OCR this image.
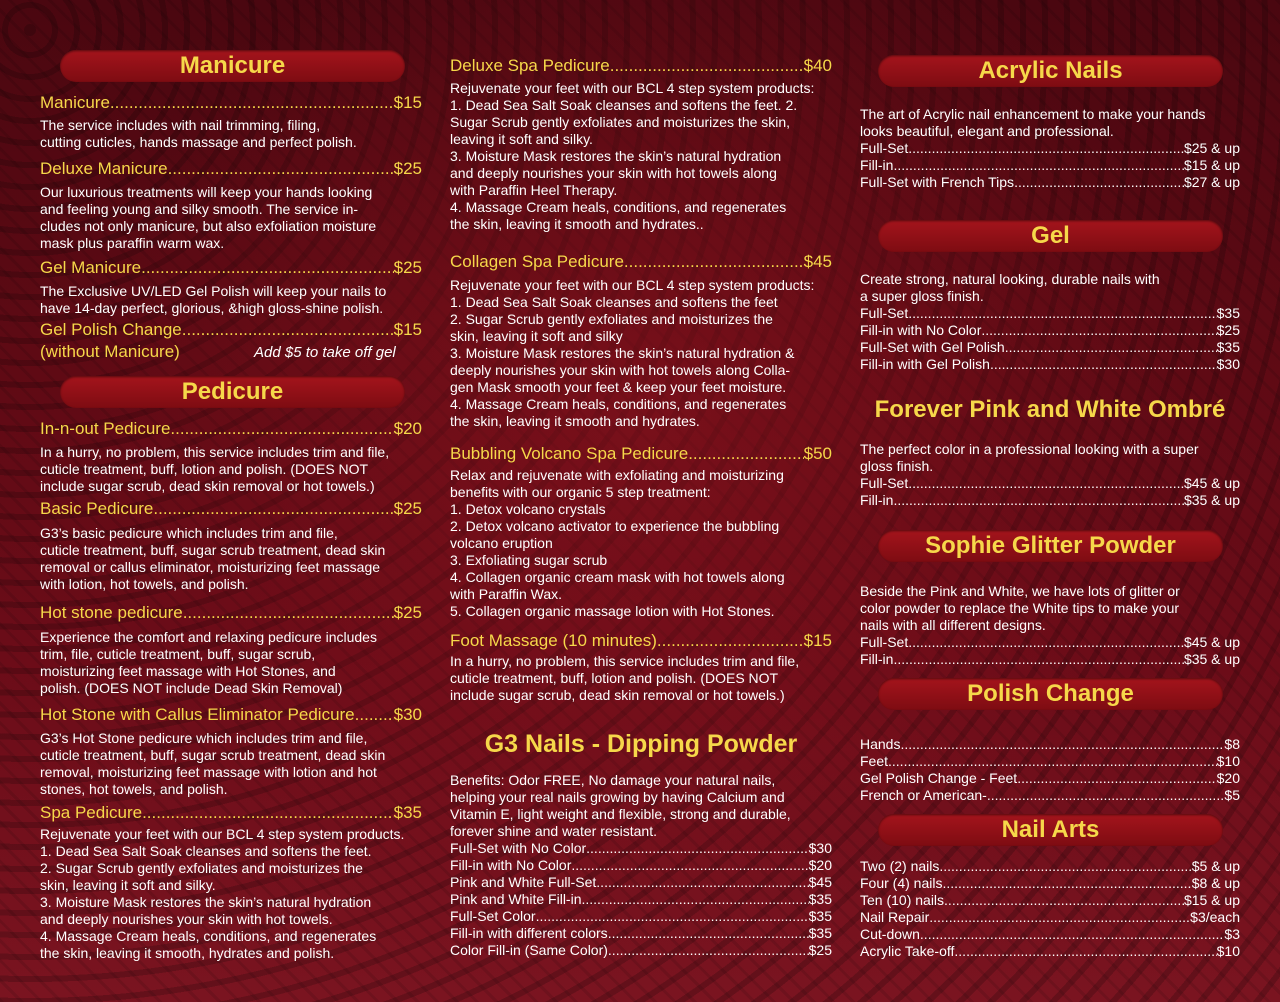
Manicure
Manicure .....	$15

The service includes with nail trimming, filing,

cutting cuticles, hands massage and perfect polish.

Deluxe Manicure .....	$25

Our luxurious treatments will keep your hands looking

and feeling young and silky smooth. The service in-

cludes not only manicure, but also exfoliation moisture

mask plus paraffin warm wax.

Gel Manicure .....	$25

The Exclusive UV/LED Gel Polish will keep your nails to

have 14-day perfect, glorious, &high gloss-shine polish.

Gel Polish Change .....	$15
(without Manicure)	Add $5 to take off gel
Pedicure
In-n-out Pedicure .....	$20

In a hurry, no problem, this service includes trim and file,

cuticle treatment, buff, lotion and polish. (DOES NOT

include sugar scrub, dead skin removal or hot towels.)

Basic Pedicure .....	$25

G3’s basic pedicure which includes trim and file,

cuticle treatment, buff, sugar scrub treatment, dead skin

removal or callus eliminator, moisturizing feet massage

with lotion, hot towels, and polish.

Hot stone pedicure .....	$25

Experience the comfort and relaxing pedicure includes

trim, file, cuticle treatment, buff, sugar scrub,

moisturizing feet massage with Hot Stones, and

polish. (DOES NOT include Dead Skin Removal)

Hot Stone with Callus Eliminator Pedicure... ..... $30

G3’s Hot Stone pedicure which includes trim and file,

cuticle treatment, buff, sugar scrub treatment, dead skin

removal, moisturizing feet massage with lotion and hot

stones, hot towels, and polish.

Spa Pedicure .....	$35

Rejuvenate your feet with our BCL 4 step system products.

1. Dead Sea Salt Soak cleanses and softens the feet.

2. Sugar Scrub gently exfoliates and moisturizes the

skin, leaving it soft and silky.

3. Moisture Mask restores the skin’s natural hydration

and deeply nourishes your skin with hot towels.

4. Massage Cream heals, conditions, and regenerates

the skin, leaving it smooth, hydrates and polish.

Deluxe Spa Pedicure .....	$40

Rejuvenate your feet with our BCL 4 step system products:

1. Dead Sea Salt Soak cleanses and softens the feet. 2.

Sugar Scrub gently exfoliates and moisturizes the skin,

leaving it soft and silky.

3. Moisture Mask restores the skin’s natural hydration

and deeply nourishes your skin with hot towels along

with Paraffin Heel Therapy.

4. Massage Cream heals, conditions, and regenerates

the skin, leaving it smooth and hydrates..

Collagen Spa Pedicure .....	$45

Rejuvenate your feet with our BCL 4 step system products:

1. Dead Sea Salt Soak cleanses and softens the feet

2. Sugar Scrub gently exfoliates and moisturizes the

skin, leaving it soft and silky

3. Moisture Mask restores the skin’s natural hydration &

deeply nourishes your skin with hot towels along Colla-

gen Mask smooth your feet & keep your feet moisture.

4. Massage Cream heals, conditions, and regenerates

the skin, leaving it smooth and hydrates.

Bubbling Volcano Spa Pedicure .....	$50

Relax and rejuvenate with exfoliating and moisturizing

benefits with our organic 5 step treatment:

1. Detox volcano crystals

2. Detox volcano activator to experience the bubbling

volcano eruption

3. Exfoliating sugar scrub

4. Collagen organic cream mask with hot towels along

with Paraffin Wax.

5. Collagen organic massage lotion with Hot Stones.

Foot Massage (10 minutes) .....	$15

In a hurry, no problem, this service includes trim and file,

cuticle treatment, buff, lotion and polish. (DOES NOT

include sugar scrub, dead skin removal or hot towels.)

G3 Nails - Dipping Powder

Benefits: Odor FREE, No damage your natural nails,

helping your real nails growing by having Calcium and

Vitamin E, light weight and flexible, strong and durable,

forever shine and water resistant.

Full-Set with No Color .....	$30
Fill-in with No Color .....	$20
Pink and White Full-Set .....	$45
Pink and White Fill-in .....	$35
Full-Set Color .....	$35
Fill-in with different colors .....	$35
Color Fill-in (Same Color) .....	$25
Acrylic Nails

The art of Acrylic nail enhancement to make your hands

looks beautiful, elegant and professional.

Full-Set .....	$25 & up
Fill-in .....	$15 & up
Full-Set with French Tips .....	$27 & up
Gel

Create strong, natural looking, durable nails with

a super gloss finish.

Full-Set .....	$35
Fill-in with No Color .....	$25
Full-Set with Gel Polish .....	$35
Fill-in with Gel Polish .....	$30
Forever Pink and White Ombré

The perfect color in a professional looking with a super

gloss finish.

Full-Set .....	$45 & up
Fill-in .....	$35 & up
Sophie Glitter Powder

Beside the Pink and White, we have lots of glitter or

color powder to replace the White tips to make your

nails with all different designs.

Full-Set .....	$45 & up
Fill-in .....	$35 & up
Polish Change
Hands .....	$8
Feet .....	$10
Gel Polish Change - Feet .....	$20
French or American- .....	$5
Nail Arts
Two (2) nails .....	$5 & up
Four (4) nails .....	$8 & up
Ten (10) nails .....	$15 & up
Nail Repair .....	$3/each
Cut-down .....	$3
Acrylic Take-off .....	$10
